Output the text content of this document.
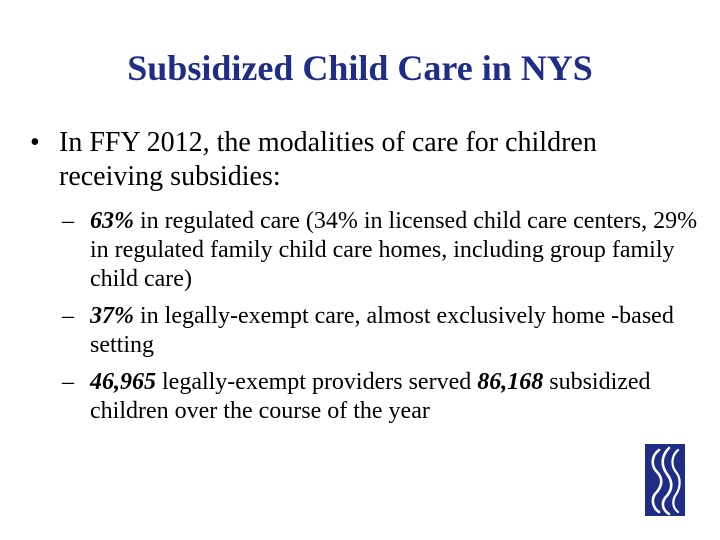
Subsidized Child Care in NYS

• In FFY 2012, the modalities of care for children receiving subsidies:

– 63% in regulated care (34% in licensed child care centers, 29% in regulated family child care homes, including group family child care)
– 37% in legally-exempt care, almost exclusively home -based setting
– 46,965 legally-exempt providers served 86,168 subsidized children over the course of the year
